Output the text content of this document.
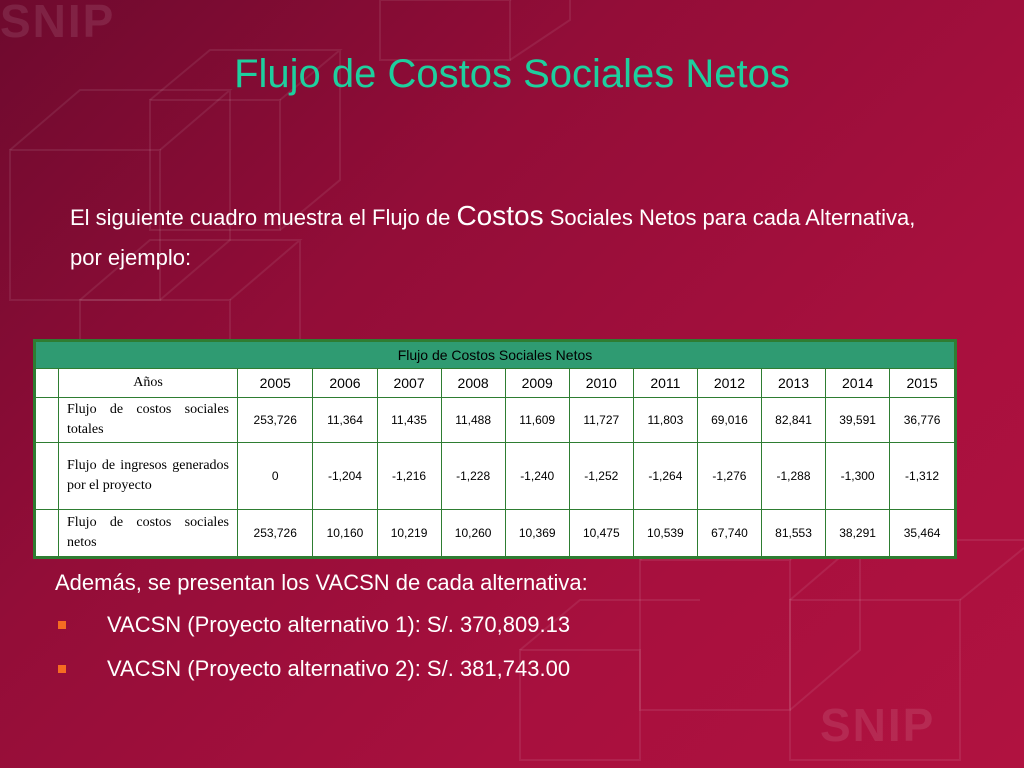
SNIP
SNIP
Flujo de Costos Sociales Netos
El siguiente cuadro muestra el Flujo de Costos Sociales Netos para cada Alternativa, por ejemplo:
Flujo de Costos Sociales Netos												
	Años	2005	2006	2007	2008	2009	2010	2011	2012	2013	2014	2015
	Flujo de costos sociales totales	253,726	11,364	11,435	11,488	11,609	11,727	11,803	69,016	82,841	39,591	36,776
	Flujo de ingresos generados por el proyecto	0	-1,204	-1,216	-1,228	-1,240	-1,252	-1,264	-1,276	-1,288	-1,300	-1,312
	Flujo de costos sociales netos	253,726	10,160	10,219	10,260	10,369	10,475	10,539	67,740	81,553	38,291	35,464
Además, se presentan los VACSN de cada alternativa:
VACSN (Proyecto alternativo 1): S/. 370,809.13
VACSN (Proyecto alternativo 2): S/. 381,743.00
